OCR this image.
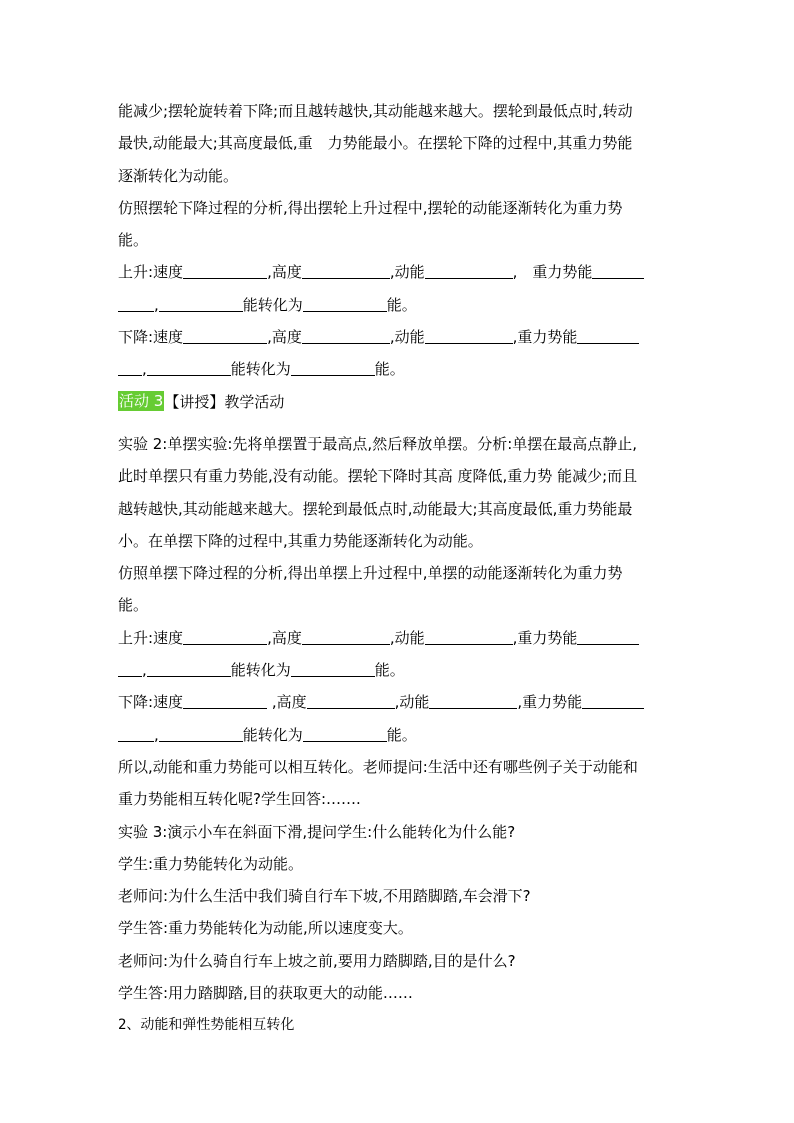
能减少;摆轮旋转着下降;而且越转越快,其动能越来越大。摆轮到最低点时,转动
最快,动能最大;其高度最低,重　力势能最小。在摆轮下降的过程中,其重力势能
逐渐转化为动能。
仿照摆轮下降过程的分析,得出摆轮上升过程中,摆轮的动能逐渐转化为重力势
能。
上升:速度	,高度	,动能	,　重力势能
,	能转化为	能。
下降:速度	,高度	,动能	,重力势能
,	能转化为	能。
活动 3【讲授】教学活动
实验 2:单摆实验:先将单摆置于最高点,然后释放单摆。分析:单摆在最高点静止,
此时单摆只有重力势能,没有动能。摆轮下降时其高 度降低,重力势 能减少;而且
越转越快,其动能越来越大。摆轮到最低点时,动能最大;其高度最低,重力势能最
小。在单摆下降的过程中,其重力势能逐渐转化为动能。
仿照单摆下降过程的分析,得出单摆上升过程中,单摆的动能逐渐转化为重力势
能。
上升:速度	,高度	,动能	,重力势能
,	能转化为	能。
下降:速度	,高度	,动能	,重力势能
,	能转化为	能。
所以,动能和重力势能可以相互转化。老师提问:生活中还有哪些例子关于动能和
重力势能相互转化呢?学生回答:…….
实验 3:演示小车在斜面下滑,提问学生:什么能转化为什么能?
学生:重力势能转化为动能。
老师问:为什么生活中我们骑自行车下坡,不用踏脚踏,车会滑下?
学生答:重力势能转化为动能,所以速度变大。
老师问:为什么骑自行车上坡之前,要用力踏脚踏,目的是什么?
学生答:用力踏脚踏,目的获取更大的动能……
2、动能和弹性势能相互转化
